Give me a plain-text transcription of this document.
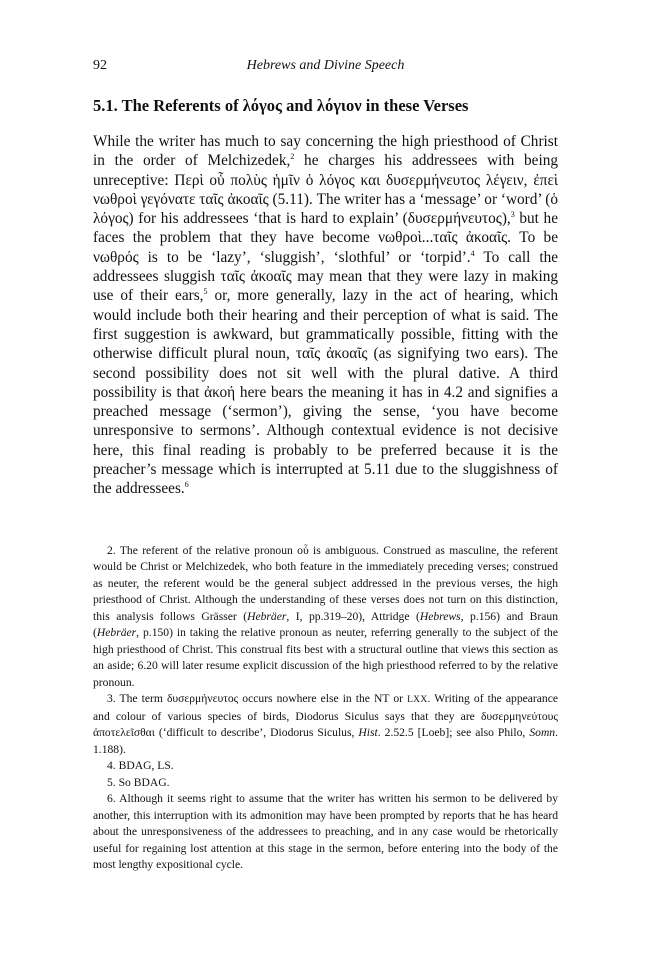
92	Hebrews and Divine Speech
5.1. The Referents of λόγος and λόγιον in these Verses

While the writer has much to say concerning the high priesthood of Christ in the order of Melchizedek,$^2$ he charges his addressees with being unreceptive: Περὶ οὗ πολὺς ἡμῖν ὁ λόγος και δυσερμήνευτος λέγειν, ἐπεὶ νωθροὶ γεγόνατε ταῖς ἀκοαῖς (5.11). The writer has a ‘message’ or ‘word’ (ὁ λόγος) for his addressees ‘that is hard to explain’ (δυσερμήνευτος),$^3$ but he faces the problem that they have become νωθροὶ...ταῖς ἀκοαῖς. To be νωθρός is to be ‘lazy’, ‘sluggish’, ‘slothful’ or ‘torpid’.$^4$ To call the addressees sluggish ταῖς ἀκοαῖς may mean that they were lazy in making use of their ears,$^5$ or, more generally, lazy in the act of hearing, which would include both their hearing and their perception of what is said. The first suggestion is awkward, but grammatically possible, fitting with the otherwise difficult plural noun, ταῖς ἀκοαῖς (as signifying two ears). The second possibility does not sit well with the plural dative. A third possibility is that ἀκοή here bears the meaning it has in 4.2 and signifies a preached message (‘sermon’), giving the sense, ‘you have become unresponsive to sermons’. Although contextual evidence is not decisive here, this final reading is probably to be preferred because it is the preacher’s message which is interrupted at 5.11 due to the sluggishness of the addressees.$^6$

2. The referent of the relative pronoun οὗ is ambiguous. Construed as masculine, the referent would be Christ or Melchizedek, who both feature in the immediately preceding verses; construed as neuter, the referent would be the general subject addressed in the previous verses, the high priesthood of Christ. Although the understanding of these verses does not turn on this distinction, this analysis follows Grässer (Hebräer, I, pp.319–20), Attridge (Hebrews, p.156) and Braun (Hebräer, p.150) in taking the relative pronoun as neuter, referring generally to the subject of the high priesthood of Christ. This construal fits best with a structural outline that views this section as an aside; 6.20 will later resume explicit discussion of the high priesthood referred to by the relative pronoun.

3. The term δυσερμήνευτος occurs nowhere else in the NT or LXX. Writing of the appearance and colour of various species of birds, Diodorus Siculus says that they are δυσερμηνεύτους ἀποτελεῖσθαι (‘difficult to describe’, Diodorus Siculus, Hist. 2.52.5 [Loeb]; see also Philo, Somn. 1.188).

4. BDAG, LS.

5. So BDAG.

6. Although it seems right to assume that the writer has written his sermon to be delivered by another, this interruption with its admonition may have been prompted by reports that he has heard about the unresponsiveness of the addressees to preaching, and in any case would be rhetorically useful for regaining lost attention at this stage in the sermon, before entering into the body of the most lengthy expositional cycle.
